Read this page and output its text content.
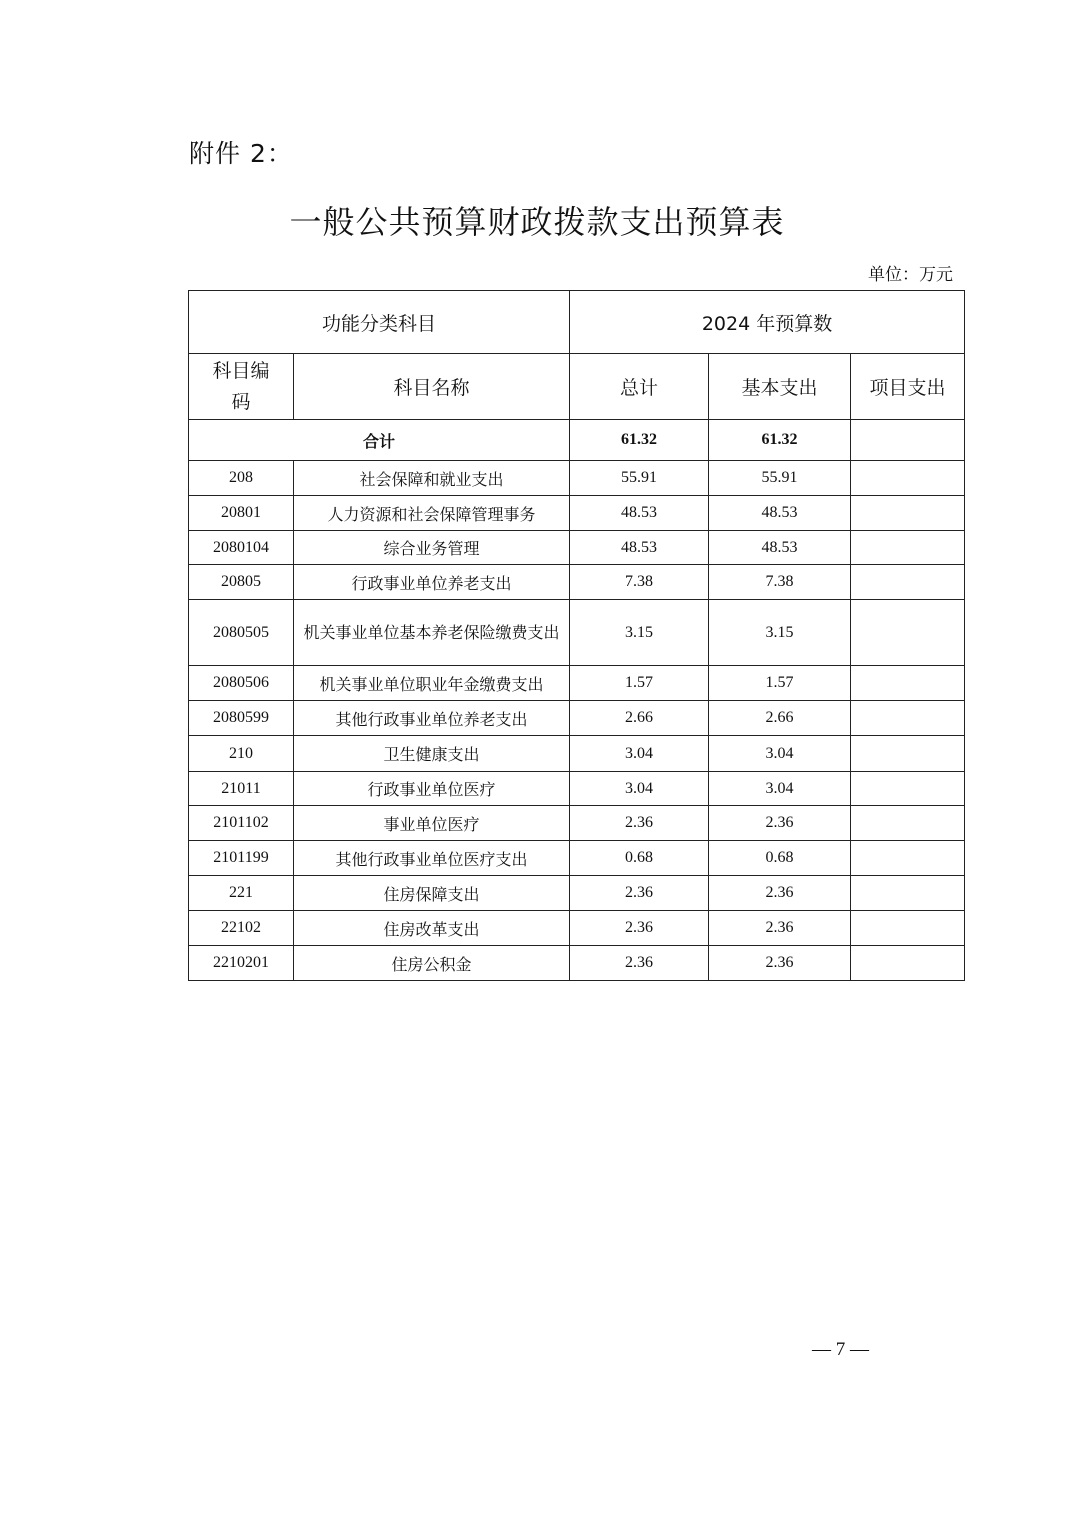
附件 2：
一般公共预算财政拨款支出预算表
单位：万元
功能分类科目		2024 年预算数		

科目编码	科目名称	总计	基本支出	项目支出
合计		61.32	61.32	
208	社会保障和就业支出	55.91	55.91	
20801	人力资源和社会保障管理事务	48.53	48.53	
2080104	综合业务管理	48.53	48.53	
20805	行政事业单位养老支出	7.38	7.38	
2080505	机关事业单位基本养老保险缴费支出	3.15	3.15	
2080506	机关事业单位职业年金缴费支出	1.57	1.57	
2080599	其他行政事业单位养老支出	2.66	2.66	
210	卫生健康支出	3.04	3.04	
21011	行政事业单位医疗	3.04	3.04	
2101102	事业单位医疗	2.36	2.36	
2101199	其他行政事业单位医疗支出	0.68	0.68	
221	住房保障支出	2.36	2.36	
22102	住房改革支出	2.36	2.36	
2210201	住房公积金	2.36	2.36	
— 7 —
